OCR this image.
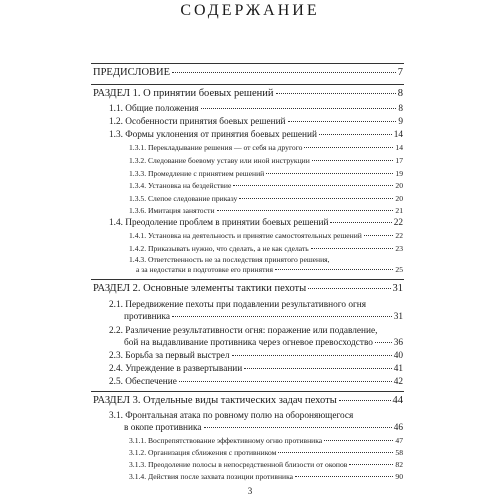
СОДЕРЖАНИЕ
ПРЕДИСЛОВИЕ	7
РАЗДЕЛ 1. О принятии боевых решений	8
1.1. Общие положения	8
1.2. Особенности принятия боевых решений	9
1.3. Формы уклонения от принятия боевых решений	14
1.3.1. Перекладывание решения — от себя на другого	14
1.3.2. Следование боевому уставу или иной инструкции	17
1.3.3. Промедление с принятием решений	19
1.3.4. Установка на бездействие	20
1.3.5. Слепое следование приказу	20
1.3.6. Имитация занятости	21
1.4. Преодоление проблем в принятии боевых решений	22
1.4.1. Установка на деятельность и принятие самостоятельных решений	22
1.4.2. Приказывать нужно, что сделать, а не как сделать	23
1.4.3. Ответственность не за последствия принятого решения,
а за недостатки в подготовке его принятия	25
РАЗДЕЛ 2. Основные элементы тактики пехоты	31
2.1. Передвижение пехоты при подавлении результативного огня
противника	31
2.2. Различение результативности огня: поражение или подавление,
бой на выдавливание противника через огневое превосходство 36
2.3. Борьба за первый выстрел	40
2.4. Упреждение в развертывании	41
2.5. Обеспечение	42
РАЗДЕЛ 3. Отдельные виды тактических задач пехоты	44
3.1. Фронтальная атака по ровному полю на обороняющегося
в окопе противника	46
3.1.1. Воспрепятствование эффективному огню противника	47
3.1.2. Организация сближения с противником	58
3.1.3. Преодоление полосы в непосредственной близости от окопов	82
3.1.4. Действия после захвата позиции противника	90
3
